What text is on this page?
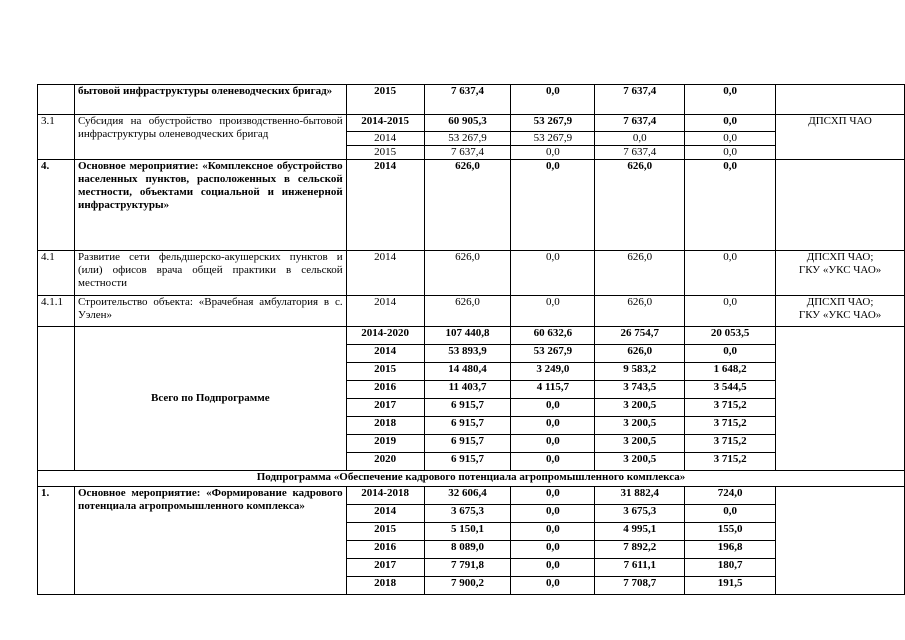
	бытовой инфраструктуры оленеводческих бригад»	2015	7 637,4	0,0	7 637,4	0,0	
3.1	Субсидия на обустройство производственно-бытовой инфраструктуры оленеводческих бригад	2014-2015	60 905,3	53 267,9	7 637,4	0,0	ДПСХП ЧАО
		2014	53 267,9	53 267,9	0,0	0,0	
		2015	7 637,4	0,0	7 637,4	0,0	
4.	Основное мероприятие: «Комплексное обустройство населенных пунктов, расположенных в сельской местности, объектами социальной и инженерной инфраструктуры»	2014	626,0	0,0	626,0	0,0	
4.1	Развитие сети фельдшерско-акушерских пунктов и (или) офисов врача общей практики в сельской местности	2014	626,0	0,0	626,0	0,0	ДПСХП ЧАО;
ГКУ «УКС ЧАО»

4.1.1	Строительство объекта: «Врачебная амбулатория в с. Уэлен»	2014	626,0	0,0	626,0	0,0	ДПСХП ЧАО;
ГКУ «УКС ЧАО»

	Всего по Подпрограмме	2014-2020	107 440,8	60 632,6	26 754,7	20 053,5	
		2014	53 893,9	53 267,9	626,0	0,0	
		2015	14 480,4	3 249,0	9 583,2	1 648,2	
		2016	11 403,7	4 115,7	3 743,5	3 544,5	
		2017	6 915,7	0,0	3 200,5	3 715,2	
		2018	6 915,7	0,0	3 200,5	3 715,2	
		2019	6 915,7	0,0	3 200,5	3 715,2	
		2020	6 915,7	0,0	3 200,5	3 715,2	
Подпрограмма «Обеспечение кадрового потенциала агропромышленного комплекса»							
1.	Основное мероприятие: «Формирование кадрового потенциала агропромышленного комплекса»	2014-2018	32 606,4	0,0	31 882,4	724,0	
		2014	3 675,3	0,0	3 675,3	0,0	
		2015	5 150,1	0,0	4 995,1	155,0	
		2016	8 089,0	0,0	7 892,2	196,8	
		2017	7 791,8	0,0	7 611,1	180,7	
		2018	7 900,2	0,0	7 708,7	191,5	
